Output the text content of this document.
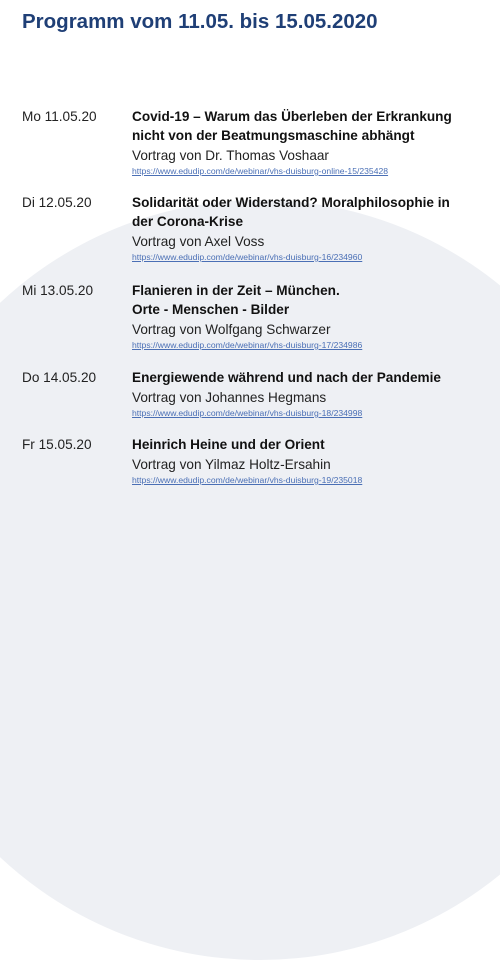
Programm vom 11.05. bis 15.05.2020
Mo 11.05.20	Covid-19 – Warum das Überleben der Erkrankung
nicht von der Beatmungsmaschine abhängt
Vortrag von Dr. Thomas Voshaar
https://www.edudip.com/de/webinar/vhs-duisburg-online-15/235428
Di 12.05.20	Solidarität oder Widerstand? Moralphilosophie in
der Corona-Krise
Vortrag von Axel Voss
https://www.edudip.com/de/webinar/vhs-duisburg-16/234960
Mi 13.05.20	Flanieren in der Zeit – München.
Orte - Menschen - Bilder
Vortrag von Wolfgang Schwarzer
https://www.edudip.com/de/webinar/vhs-duisburg-17/234986
Do 14.05.20	Energiewende während und nach der Pandemie
Vortrag von Johannes Hegmans
https://www.edudip.com/de/webinar/vhs-duisburg-18/234998
Fr 15.05.20	Heinrich Heine und der Orient
Vortrag von Yilmaz Holtz-Ersahin
https://www.edudip.com/de/webinar/vhs-duisburg-19/235018
